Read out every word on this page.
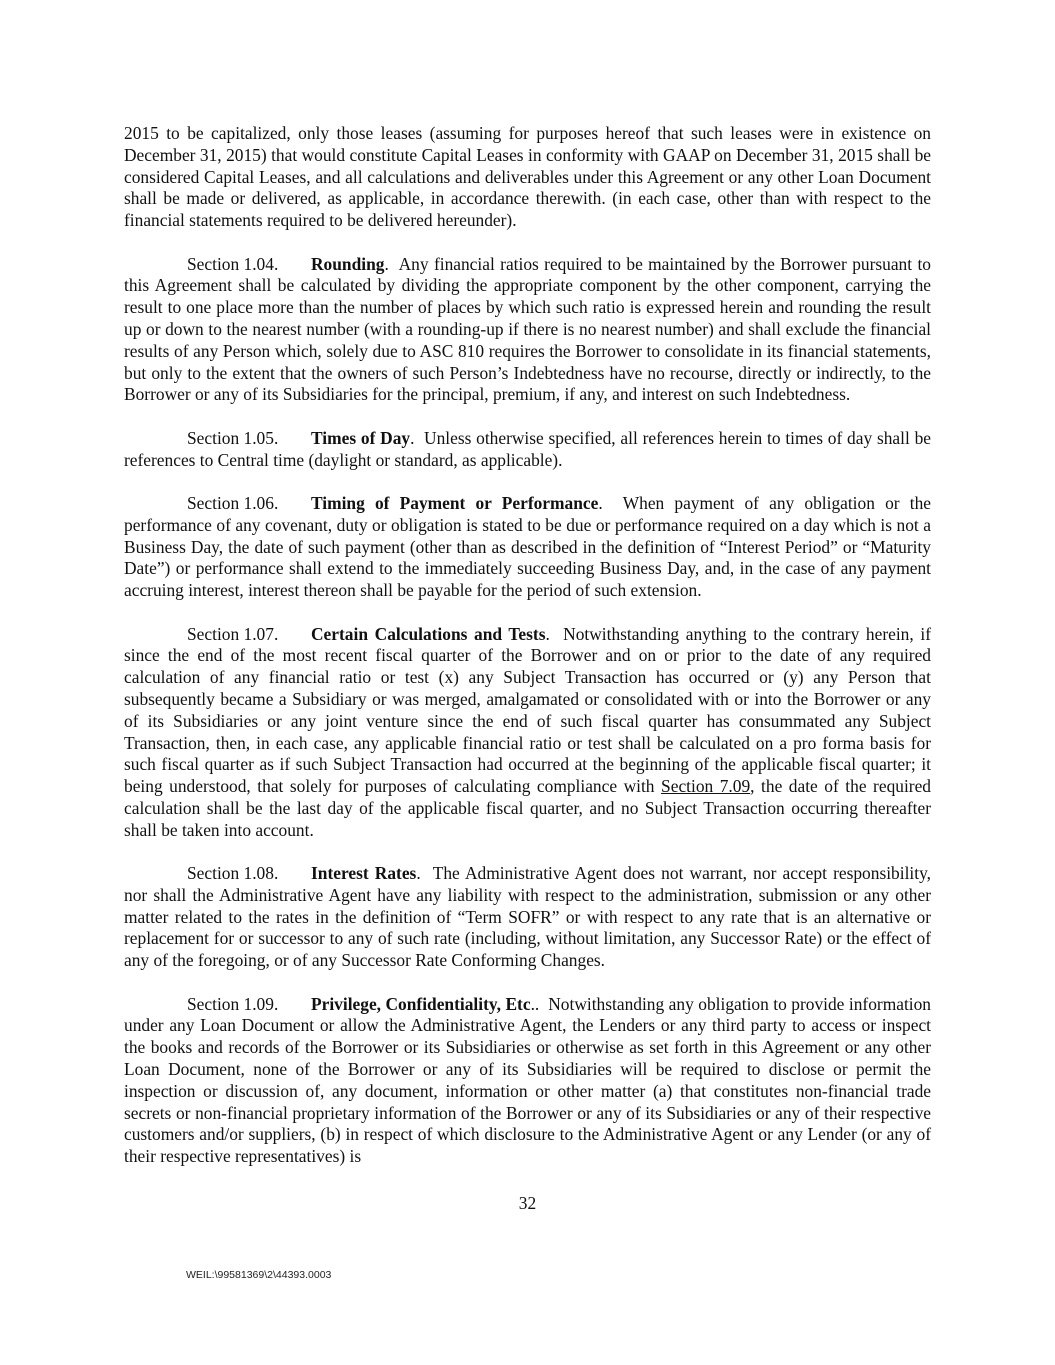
2015 to be capitalized, only those leases (assuming for purposes hereof that such leases were in existence on December 31, 2015) that would constitute Capital Leases in conformity with GAAP on December 31, 2015 shall be considered Capital Leases, and all calculations and deliverables under this Agreement or any other Loan Document shall be made or delivered, as applicable, in accordance therewith. (in each case, other than with respect to the financial statements required to be delivered hereunder).

Section 1.04. Rounding. Any financial ratios required to be maintained by the Borrower pursuant to this Agreement shall be calculated by dividing the appropriate component by the other component, carrying the result to one place more than the number of places by which such ratio is expressed herein and rounding the result up or down to the nearest number (with a rounding-up if there is no nearest number) and shall exclude the financial results of any Person which, solely due to ASC 810 requires the Borrower to consolidate in its financial statements, but only to the extent that the owners of such Person’s Indebtedness have no recourse, directly or indirectly, to the Borrower or any of its Subsidiaries for the principal, premium, if any, and interest on such Indebtedness.

Section 1.05. Times of Day. Unless otherwise specified, all references herein to times of day shall be references to Central time (daylight or standard, as applicable).

Section 1.06. Timing of Payment or Performance. When payment of any obligation or the performance of any covenant, duty or obligation is stated to be due or performance required on a day which is not a Business Day, the date of such payment (other than as described in the definition of “Interest Period” or “Maturity Date”) or performance shall extend to the immediately succeeding Business Day, and, in the case of any payment accruing interest, interest thereon shall be payable for the period of such extension.

Section 1.07. Certain Calculations and Tests. Notwithstanding anything to the contrary herein, if since the end of the most recent fiscal quarter of the Borrower and on or prior to the date of any required calculation of any financial ratio or test (x) any Subject Transaction has occurred or (y) any Person that subsequently became a Subsidiary or was merged, amalgamated or consolidated with or into the Borrower or any of its Subsidiaries or any joint venture since the end of such fiscal quarter has consummated any Subject Transaction, then, in each case, any applicable financial ratio or test shall be calculated on a pro forma basis for such fiscal quarter as if such Subject Transaction had occurred at the beginning of the applicable fiscal quarter; it being understood, that solely for purposes of calculating compliance with Section 7.09, the date of the required calculation shall be the last day of the applicable fiscal quarter, and no Subject Transaction occurring thereafter shall be taken into account.

Section 1.08. Interest Rates. The Administrative Agent does not warrant, nor accept responsibility, nor shall the Administrative Agent have any liability with respect to the administration, submission or any other matter related to the rates in the definition of “Term SOFR” or with respect to any rate that is an alternative or replacement for or successor to any of such rate (including, without limitation, any Successor Rate) or the effect of any of the foregoing, or of any Successor Rate Conforming Changes.

Section 1.09. Privilege, Confidentiality, Etc.. Notwithstanding any obligation to provide information under any Loan Document or allow the Administrative Agent, the Lenders or any third party to access or inspect the books and records of the Borrower or its Subsidiaries or otherwise as set forth in this Agreement or any other Loan Document, none of the Borrower or any of its Subsidiaries will be required to disclose or permit the inspection or discussion of, any document, information or other matter (a) that constitutes non-financial trade secrets or non-financial proprietary information of the Borrower or any of its Subsidiaries or any of their respective customers and/or suppliers, (b) in respect of which disclosure to the Administrative Agent or any Lender (or any of their respective representatives) is

32
WEIL:\99581369\2\44393.0003
